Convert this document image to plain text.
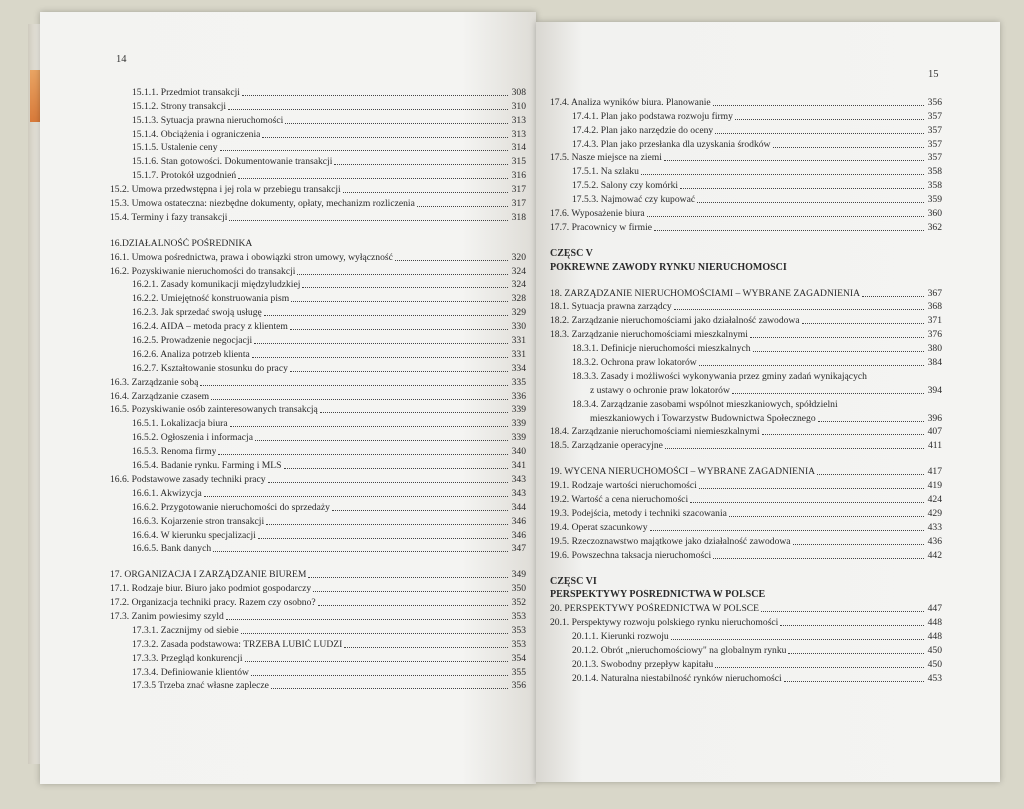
14
15.1.1. Przedmiot transakcji	308
15.1.2. Strony transakcji	310
15.1.3. Sytuacja prawna nieruchomości	313
15.1.4. Obciążenia i ograniczenia	313
15.1.5. Ustalenie ceny	314
15.1.6. Stan gotowości. Dokumentowanie transakcji	315
15.1.7. Protokół uzgodnień	316
15.2. Umowa przedwstępna i jej rola w przebiegu transakcji	317
15.3. Umowa ostateczna: niezbędne dokumenty, opłaty, mechanizm rozliczenia	317
15.4. Terminy i fazy transakcji	318
16.DZIAŁALNOŚĆ POŚREDNIKA
16.1. Umowa pośrednictwa, prawa i obowiązki stron umowy, wyłączność	320
16.2. Pozyskiwanie nieruchomości do transakcji	324
16.2.1. Zasady komunikacji międzyludzkiej	324
16.2.2. Umiejętność konstruowania pism	328
16.2.3. Jak sprzedać swoją usługę	329
16.2.4. AIDA – metoda pracy z klientem	330
16.2.5. Prowadzenie negocjacji	331
16.2.6. Analiza potrzeb klienta	331
16.2.7. Kształtowanie stosunku do pracy	334
16.3. Zarządzanie sobą	335
16.4. Zarządzanie czasem	336
16.5. Pozyskiwanie osób zainteresowanych transakcją	339
16.5.1. Lokalizacja biura	339
16.5.2. Ogłoszenia i informacja	339
16.5.3. Renoma firmy	340
16.5.4. Badanie rynku. Farming i MLS	341
16.6. Podstawowe zasady techniki pracy	343
16.6.1. Akwizycja	343
16.6.2. Przygotowanie nieruchomości do sprzedaży	344
16.6.3. Kojarzenie stron transakcji	346
16.6.4. W kierunku specjalizacji	346
16.6.5. Bank danych	347
17. ORGANIZACJA I ZARZĄDZANIE BIUREM	349
17.1. Rodzaje biur. Biuro jako podmiot gospodarczy	350
17.2. Organizacja techniki pracy. Razem czy osobno?	352
17.3. Zanim powiesimy szyld	353
17.3.1. Zacznijmy od siebie	353
17.3.2. Zasada podstawowa: TRZEBA LUBIĆ LUDZI	353
17.3.3. Przegląd konkurencji	354
17.3.4. Definiowanie klientów	355
17.3.5 Trzeba znać własne zaplecze	356
15
17.4. Analiza wyników biura. Planowanie	356
17.4.1. Plan jako podstawa rozwoju firmy	357
17.4.2. Plan jako narzędzie do oceny	357
17.4.3. Plan jako przesłanka dla uzyskania środków	357
17.5. Nasze miejsce na ziemi	357
17.5.1. Na szlaku	358
17.5.2. Salony czy komórki	358
17.5.3. Najmować czy kupować	359
17.6. Wyposażenie biura	360
17.7. Pracownicy w firmie	362
CZĘŚĆ V
POKREWNE ZAWODY RYNKU NIERUCHOMOŚCI
18. ZARZĄDZANIE NIERUCHOMOŚCIAMI – WYBRANE ZAGADNIENIA	367
18.1. Sytuacja prawna zarządcy	368
18.2. Zarządzanie nieruchomościami jako działalność zawodowa	371
18.3. Zarządzanie nieruchomościami mieszkalnymi	376
18.3.1. Definicje nieruchomości mieszkalnych	380
18.3.2. Ochrona praw lokatorów	384
18.3.3. Zasady i możliwości wykonywania przez gminy zadań wynikających
z ustawy o ochronie praw lokatorów	394
18.3.4. Zarządzanie zasobami wspólnot mieszkaniowych, spółdzielni
mieszkaniowych i Towarzystw Budownictwa Społecznego	396
18.4. Zarządzanie nieruchomościami niemieszkalnymi	407
18.5. Zarządzanie operacyjne	411
19. WYCENA NIERUCHOMOŚCI – WYBRANE ZAGADNIENIA	417
19.1. Rodzaje wartości nieruchomości	419
19.2. Wartość a cena nieruchomości	424
19.3. Podejścia, metody i techniki szacowania	429
19.4. Operat szacunkowy	433
19.5. Rzeczoznawstwo majątkowe jako działalność zawodowa	436
19.6. Powszechna taksacja nieruchomości	442
CZĘŚĆ VI
PERSPEKTYWY POŚREDNICTWA W POLSCE
20. PERSPEKTYWY POŚREDNICTWA W POLSCE	447
20.1. Perspektywy rozwoju polskiego rynku nieruchomości	448
20.1.1. Kierunki rozwoju	448
20.1.2. Obrót „nieruchomościowy" na globalnym rynku	450
20.1.3. Swobodny przepływ kapitału	450
20.1.4. Naturalna niestabilność rynków nieruchomości	453
